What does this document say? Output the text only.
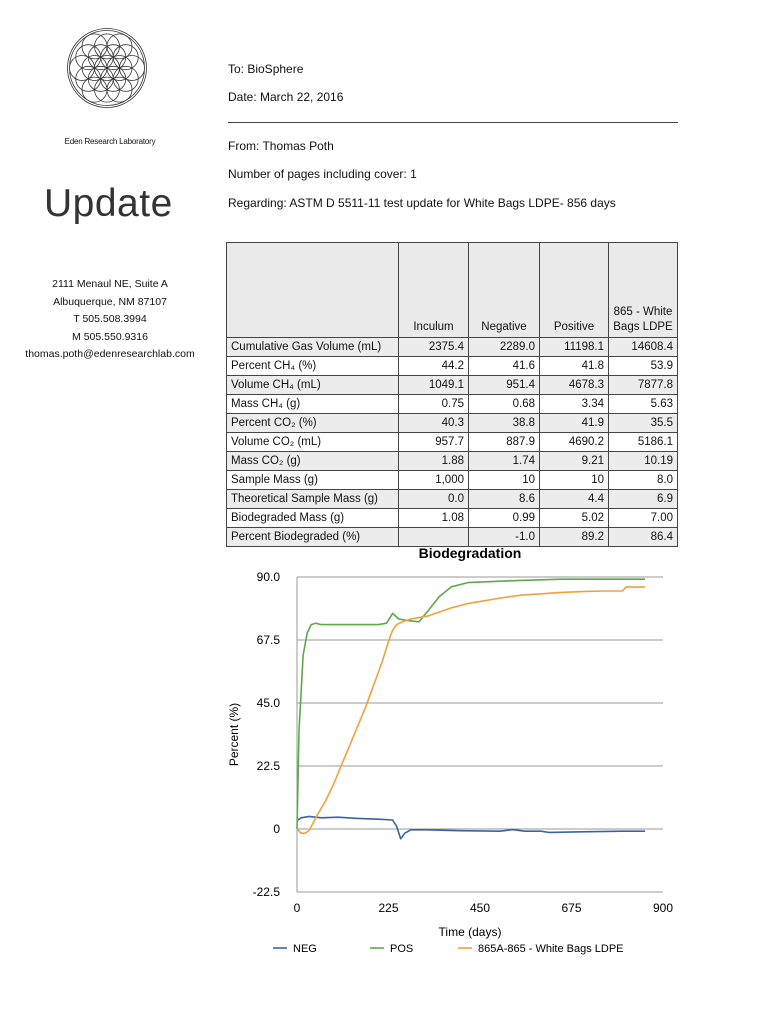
Eden Research Laboratory
Update
2111 Menaul NE, Suite A
Albuquerque, NM 87107
T 505.508.3994
M 505.550.9316
thomas.poth@edenresearchlab.com
To: BioSphere
Date: March 22, 2016
From: Thomas Poth
Number of pages including cover: 1
Regarding: ASTM D 5511-11 test update for White Bags LDPE- 856 days
	Inculum	Negative	Positive	865 - White Bags LDPE
Cumulative Gas Volume (mL)	2375.4	2289.0	11198.1	14608.4
Percent CH₄ (%)	44.2	41.6	41.8	53.9
Volume CH₄ (mL)	1049.1	951.4	4678.3	7877.8
Mass CH₄ (g)	0.75	0.68	3.34	5.63
Percent CO₂ (%)	40.3	38.8	41.9	35.5
Volume CO₂ (mL)	957.7	887.9	4690.2	5186.1
Mass CO₂ (g)	1.88	1.74	9.21	10.19
Sample Mass (g)	1,000	10	10	8.0
Theoretical Sample Mass (g)	0.0	8.6	4.4	6.9
Biodegraded Mass (g)	1.08	0.99	5.02	7.00
Percent Biodegraded (%)		-1.0	89.2	86.4
Biodegradation
90.0
67.5
45.0
22.5
0
-22.5
0	225	450	675	900
Time (days)
Percent (%)
NEG	POS	865A-865 - White Bags LDPE
